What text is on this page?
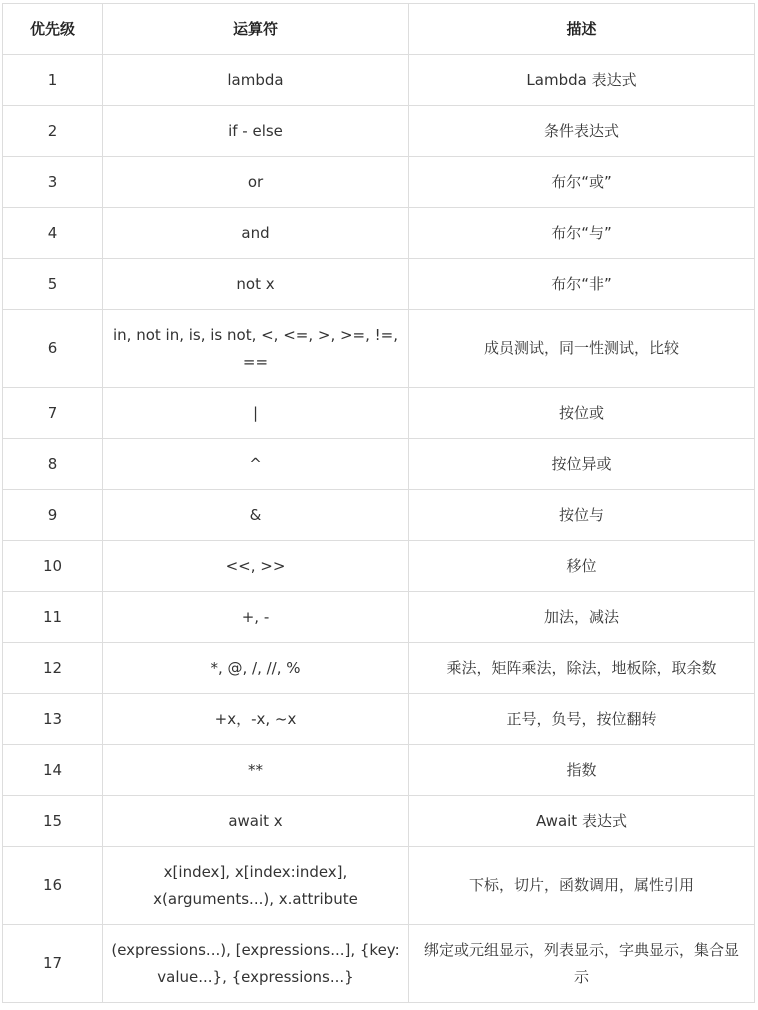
优先级	运算符	描述
1	lambda	Lambda 表达式
2	if - else	条件表达式
3	or	布尔“或”
4	and	布尔“与”
5	not x	布尔“非”
6	in, not in, is, is not, <, <=, >, >=, !=, ==	成员测试，同一性测试，比较
7	|	按位或
8	^	按位异或
9	&	按位与
10	<<, >>	移位
11	+, -	加法，减法
12	*, @, /, //, %	乘法，矩阵乘法，除法，地板除，取余数
13	+x，-x, ~x	正号，负号，按位翻转
14	**	指数
15	await x	Await 表达式
16	x[index], x[index:index], x(arguments...), x.attribute	下标，切片，函数调用，属性引用
17	(expressions...), [expressions...], {key: value...}, {expressions...}	绑定或元组显示，列表显示，字典显示，集合显示
